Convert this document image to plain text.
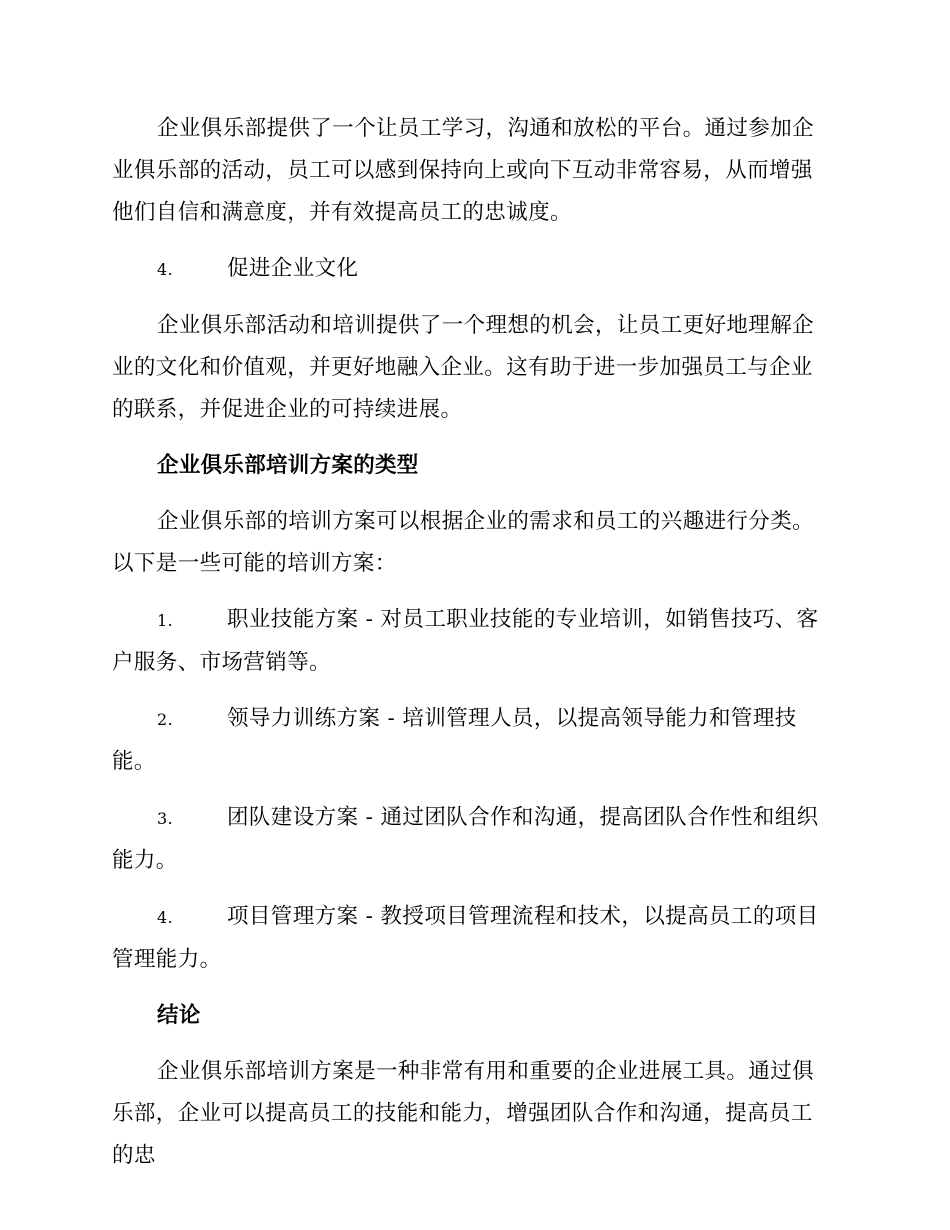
企业俱乐部提供了一个让员工学习，沟通和放松的平台。通过参加企业俱乐部的活动，员工可以感到保持向上或向下互动非常容易，从而增强他们自信和满意度，并有效提高员工的忠诚度。

4.	促进企业文化

企业俱乐部活动和培训提供了一个理想的机会，让员工更好地理解企业的文化和价值观，并更好地融入企业。这有助于进一步加强员工与企业的联系，并促进企业的可持续进展。

企业俱乐部培训方案的类型

企业俱乐部的培训方案可以根据企业的需求和员工的兴趣进行分类。以下是一些可能的培训方案：

1.	职业技能方案 - 对员工职业技能的专业培训，如销售技巧、客户服务、市场营销等。

2.	领导力训练方案 - 培训管理人员，以提高领导能力和管理技能。

3.	团队建设方案 - 通过团队合作和沟通，提高团队合作性和组织能力。

4.	项目管理方案 - 教授项目管理流程和技术，以提高员工的项目管理能力。

结论

企业俱乐部培训方案是一种非常有用和重要的企业进展工具。通过俱乐部，企业可以提高员工的技能和能力，增强团队合作和沟通，提高员工的忠
